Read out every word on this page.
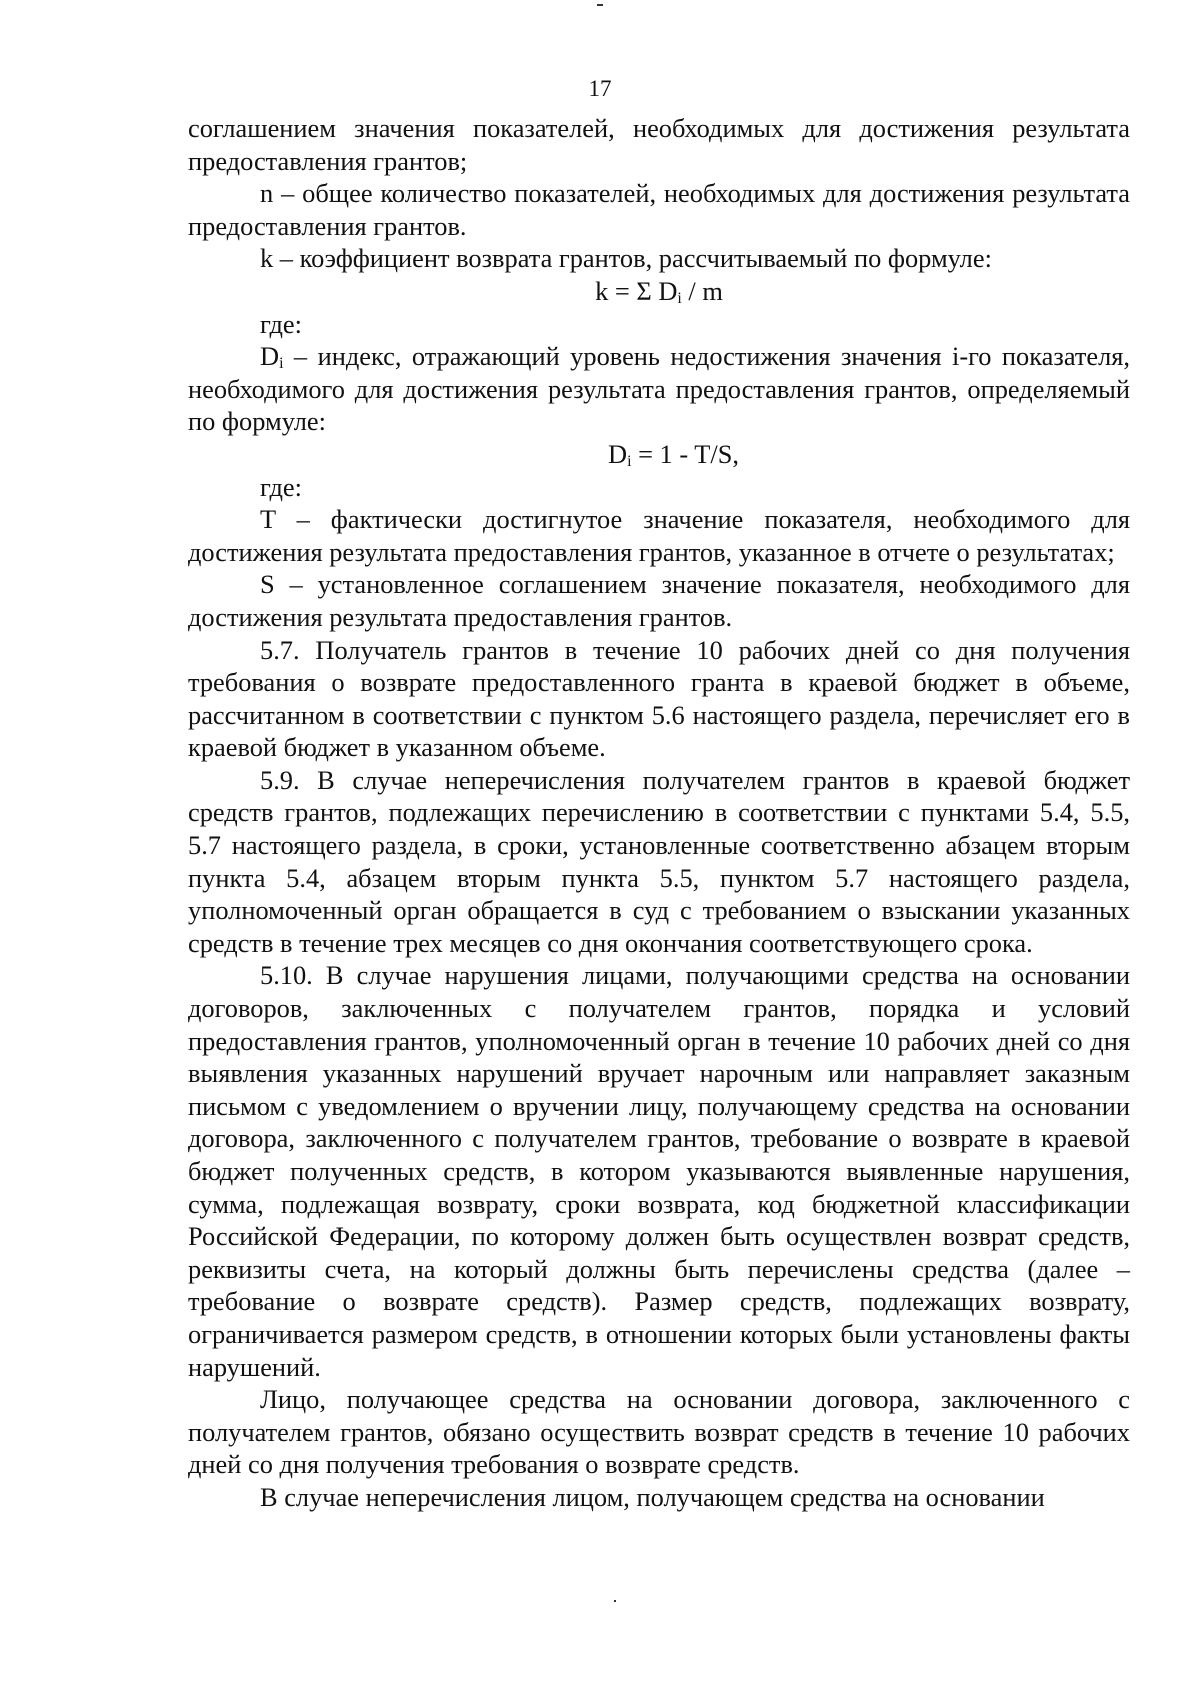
17

соглашением значения показателей, необходимых для достижения результата предоставления грантов;

n – общее количество показателей, необходимых для достижения результата предоставления грантов.

k – коэффициент возврата грантов, рассчитываемый по формуле:

k = Σ $D_i$ / m

где:

$D_i$ – индекс, отражающий уровень недостижения значения i-го показателя, необходимого для достижения результата предоставления грантов, определяемый по формуле:

$D_i = 1 - T/S$,

где:

T – фактически достигнутое значение показателя, необходимого для достижения результата предоставления грантов, указанное в отчете о результатах;

S – установленное соглашением значение показателя, необходимого для достижения результата предоставления грантов.

5.7. Получатель грантов в течение 10 рабочих дней со дня получения требования о возврате предоставленного гранта в краевой бюджет в объеме, рассчитанном в соответствии с пунктом 5.6 настоящего раздела, перечисляет его в краевой бюджет в указанном объеме.

5.9. В случае неперечисления получателем грантов в краевой бюджет средств грантов, подлежащих перечислению в соответствии с пунктами 5.4, 5.5, 5.7 настоящего раздела, в сроки, установленные соответственно абзацем вторым пункта 5.4, абзацем вторым пункта 5.5, пунктом 5.7 настоящего раздела, уполномоченный орган обращается в суд с требованием о взыскании указанных средств в течение трех месяцев со дня окончания соответствующего срока.

5.10. В случае нарушения лицами, получающими средства на основании договоров, заключенных с получателем грантов, порядка и условий предоставления грантов, уполномоченный орган в течение 10 рабочих дней со дня выявления указанных нарушений вручает нарочным или направляет заказным письмом с уведомлением о вручении лицу, получающему средства на основании договора, заключенного с получателем грантов, требование о возврате в краевой бюджет полученных средств, в котором указываются выявленные нарушения, сумма, подлежащая возврату, сроки возврата, код бюджетной классификации Российской Федерации, по которому должен быть осуществлен возврат средств, реквизиты счета, на который должны быть перечислены средства (далее – требование о возврате средств). Размер средств, подлежащих возврату, ограничивается размером средств, в отношении которых были установлены факты нарушений.

Лицо, получающее средства на основании договора, заключенного с получателем грантов, обязано осуществить возврат средств в течение 10 рабочих дней со дня получения требования о возврате средств.

В случае неперечисления лицом, получающем средства на основании
